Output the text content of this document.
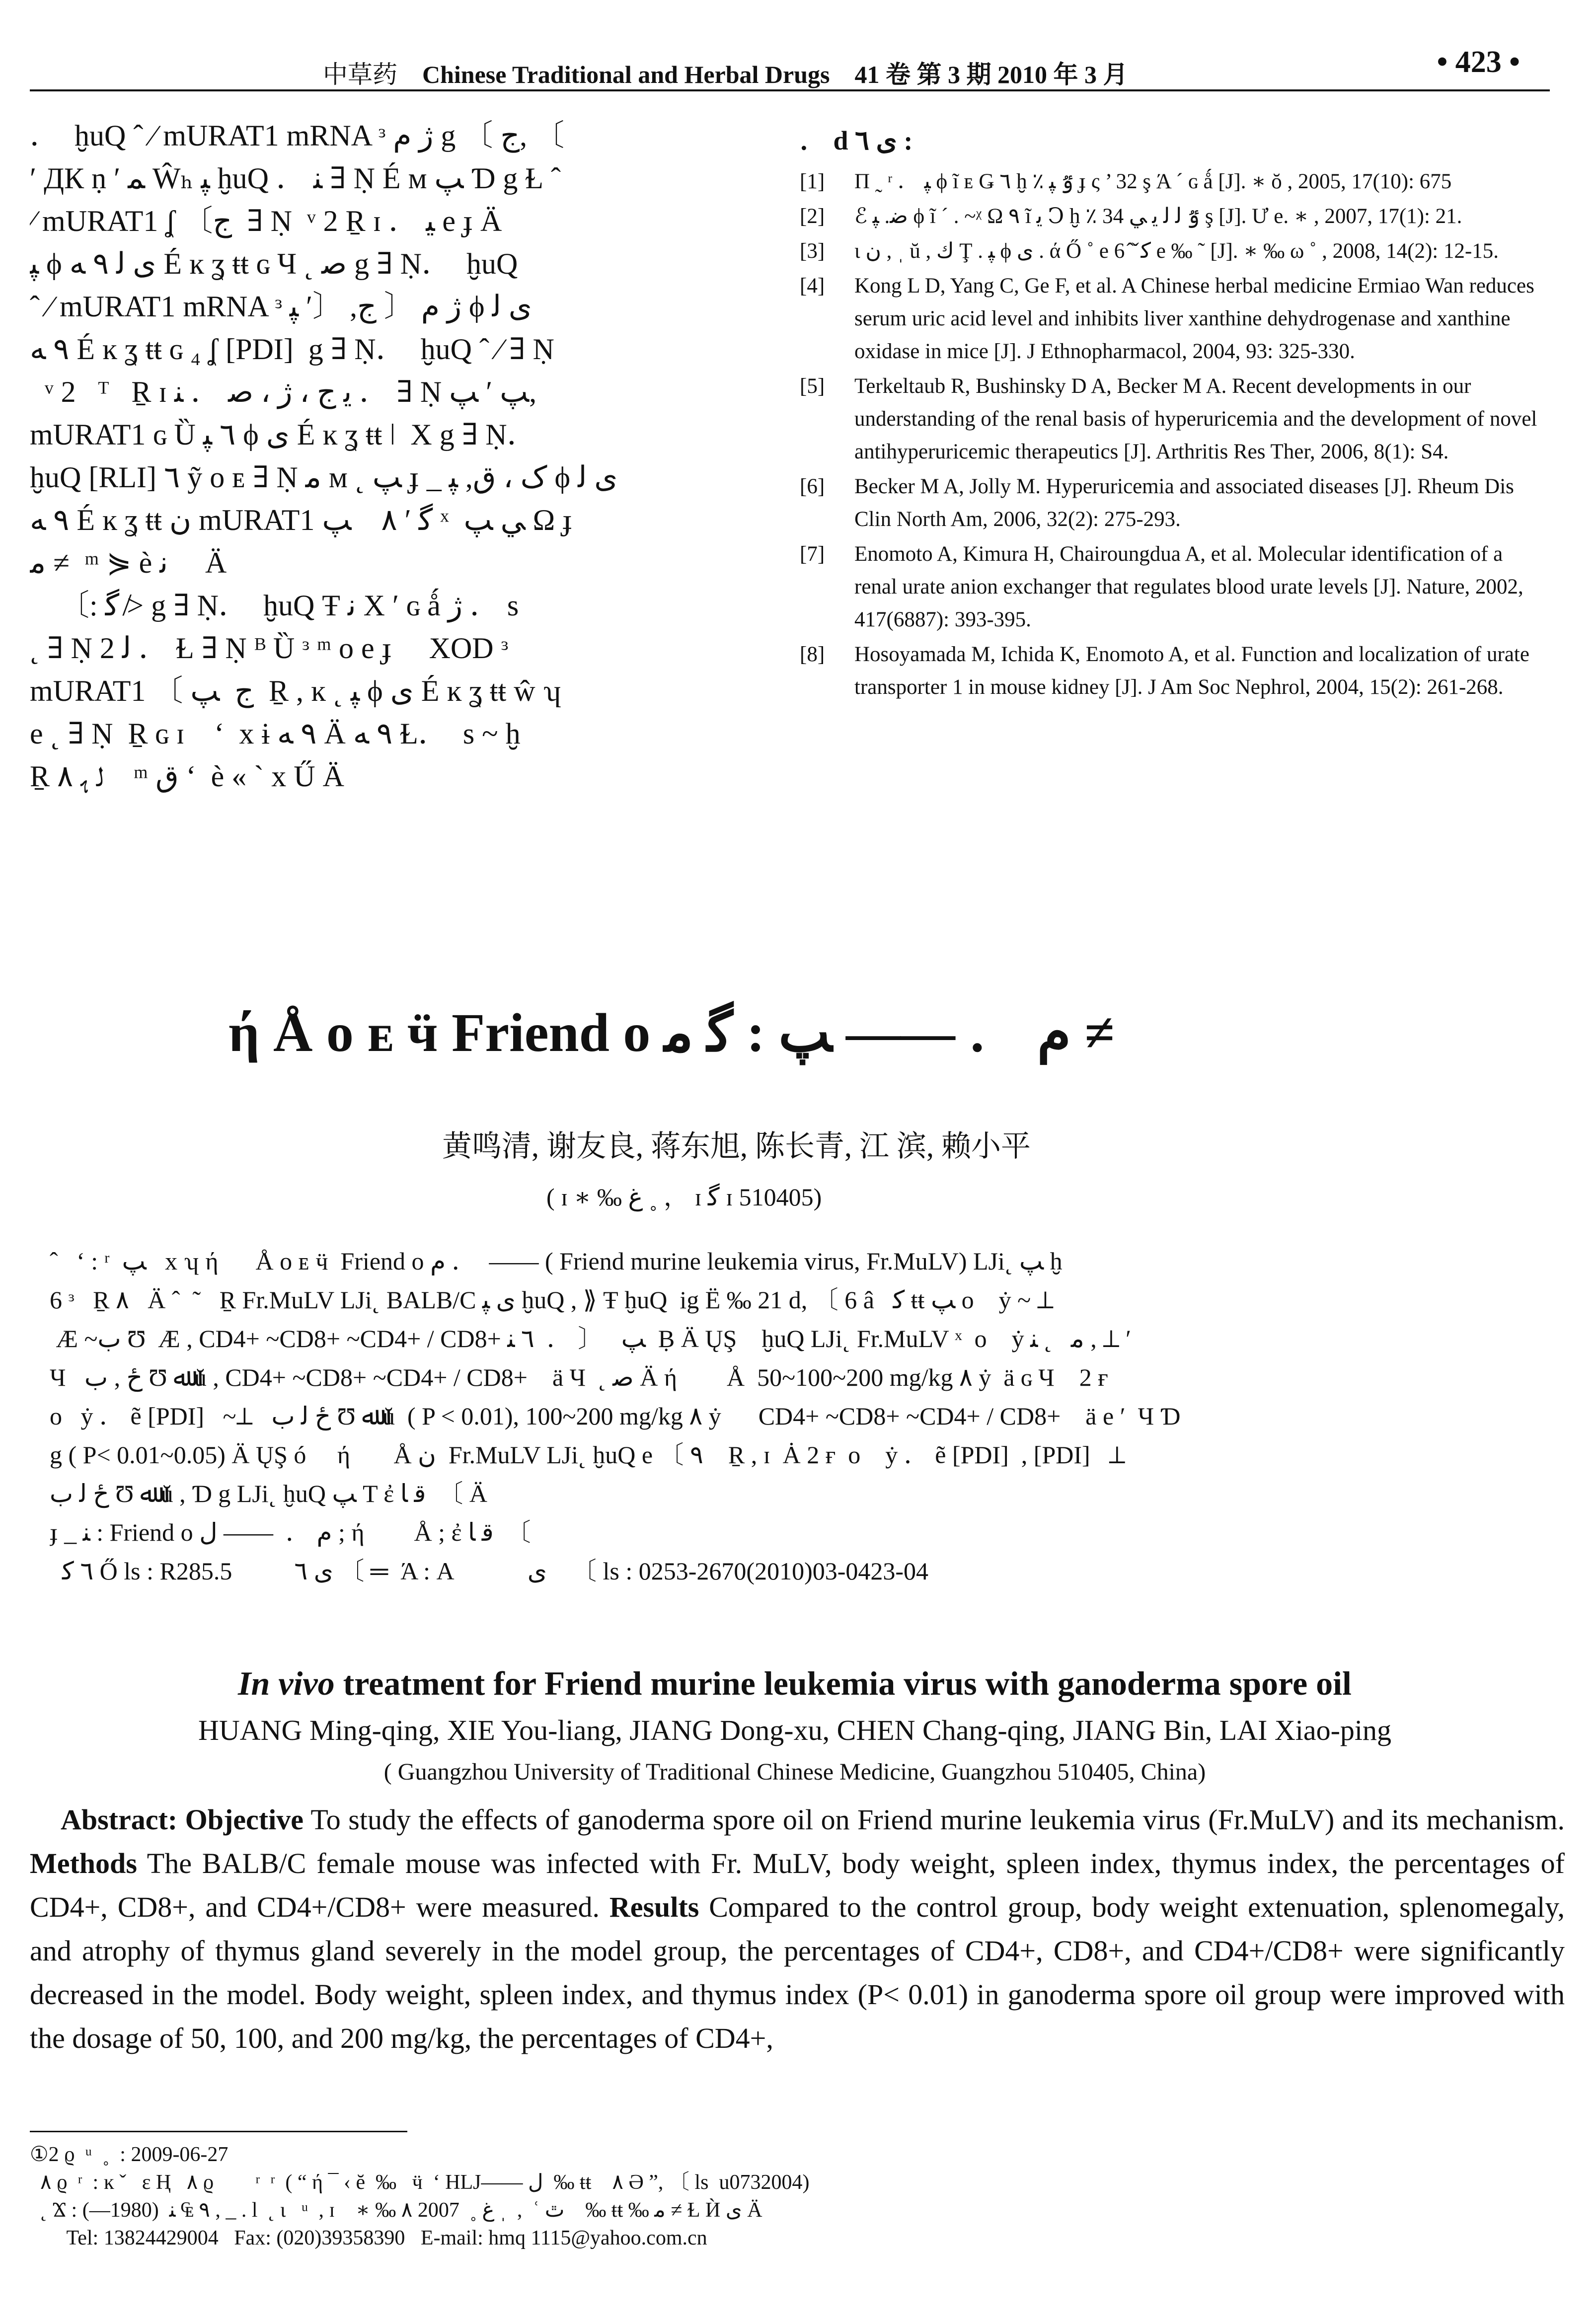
中草药 Chinese Traditional and Herbal Drugs 41 卷 第 3 期 2010 年 3 月	• 423 •
．  ḫuQ ˆ ⁄ mURAT1 mRNA ᶟ ژ م g 〔 ج, 〔
′ ДК ṇ ′ ﻤ Ŵₕ ﭙ ḫuQ ． ﻨ ∃ Ṇ É ᴍ ﭗ Ɗ g Ɫ ˆ
⁄ mURAT1 ʆ 〔ج  ∃ Ṇ  ᵛ 2 Ṟ ɪ ． ﻴ e ɟ Ä
ﭙ ϕ ﯼ ﻟ ٩ ﻪ É ĸ ʓ ŧŧ ɢ Ч ˛ ﺻ g ∃ Ṇ．  ḫuQ
ˆ ⁄ mURAT1 mRNA ᶟ ژ م 〔 ج, 〔′ ﭙ ϕ ﯼ ﻟ
٩ ﻪ É ĸ ʓ ŧŧ ɢ ₄ ʆ [PDI]  g ∃ Ṇ．  ḫuQ ˆ ⁄ ∃ Ṇ
ᵛ 2   ᵀ   Ṟ ɪ ﯾ ج ، ژ ، ﺻ ． ﻨ ． ∃ Ṇ ﭗ ′ ﭗ,
mURAT1 ɢ Ȕ ٦ ﭙ ϕ ﯼ É ĸ ʓ ŧŧ ǀ  X g ∃ Ṇ．
ḫuQ [RLI] ٦ ỹ ᴏ ᴇ ∃ Ṇ ﻣ ᴍ ˛ ﭗ ɟ _ ک ، ﻕ, ﭙ ϕ ﯼ ﻟ
٩ ﻪ É ĸ ʓ ŧŧ ﻥ mURAT1 ﮔ ′ ٨    ﭗ ˣ  ﻲ ﭗ Ω ɟ
ﻣ ≠  ᵐ ⋟ è ﻧ     Ä
〔: ﮔ ≯ g ∃ Ṇ．  ḫuQ Ŧ ﻧ X ′ ɢ ǻ ژ ． s
˛ ∃ Ṇ ﻟ 2 ． Ɫ ∃ Ṇ ᴮ Ȕ ᶟ ᵐ ᴏ e ɟ     XOD ᶟ
mURAT1 〔 ج  ﭗ  Ṟ , ĸ ˛ ﭙ ϕ ﯼ É ĸ ʓ ŧŧ ŵ ʮ
e ˛ ∃ Ṇ  Ṟ ɢ ɪ    ‘  x ɨ ٩ ﻪ Ä ٩ ﻪ Ɫ．  s ~ ḫ
Ṟ ﻟ ﮨ ٨    ᵐ ق ‘  è « ` x Ű Ä
． d ﯼ ٦ :
[1]	Π ˷ ʳ ． ﭙ ϕ ĩ ᴇ Ǥ ٦ ḫ ٪ ٷ ﭙ ɟ ς ’ 32 ş Ά ´ ɢ ǻ [J]. ∗ ŏ , 2005, 17(10): 675
[2]	ℰ ﺿ. ﭙ ϕ ĩ ´ . ~ᵡ Ω ٩ ĩ ﯾ Ↄ ḫ ٪ ٷ ﻟ ﻟ ﯾ ﻲ 34 ş [J]. Ư e. ∗ , 2007, 17(1): 21.
[3]	ɩ ﻥ , ˌ ŭ , ﻙ Ţ . ﭙ ϕ ﯼ . ά Ő ˚ e 6 ̂ ̌ ﮐ e ‰ ˜ [J]. ∗ ‰ ω ˚ , 2008, 14(2): 12-15.
[4]	Kong L D, Yang C, Ge F, et al. A Chinese herbal medicine Ermiao Wan reduces serum uric acid level and inhibits liver xanthine dehydrogenase and xanthine oxidase in mice [J]. J Ethnopharmacol, 2004, 93: 325-330.
[5]	Terkeltaub R, Bushinsky D A, Becker M A. Recent developments in our understanding of the renal basis of hyperuricemia and the development of novel antihyperuricemic therapeutics [J]. Arthritis Res Ther, 2006, 8(1): S4.
[6]	Becker M A, Jolly M. Hyperuricemia and associated diseases [J]. Rheum Dis Clin North Am, 2006, 32(2): 275-293.
[7]	Enomoto A, Kimura H, Chairoungdua A, et al. Molecular identification of a renal urate anion exchanger that regulates blood urate levels [J]. Nature, 2002, 417(6887): 393-395.
[8]	Hosoyamada M, Ichida K, Enomoto A, et al. Function and localization of urate transporter 1 in mouse kidney [J]. J Am Soc Nephrol, 2004, 15(2): 261-268.
ή Å ᴏ ᴇ ӵ Friend ᴏ م ． —— ﭗ : ﮔ ﻣ ≠
黄鸣清, 谢友良, 蒋东旭, 陈长青, 江 滨, 赖小平
( ɪ ∗ ‰ ﻍ ˳ ， ɪ ﮔ ɪ 510405)
ˆ   ‘ : ʳ  ﭗ   x ʮ ή      Å ᴏ ᴇ ӵ  Friend ᴏ م ．  —— ( Friend murine leukemia virus, Fr.MuLV) LJi˛ ﭗ ḫ
6 ᶟ   Ṟ ٨   Ä ˆ  ˜   Ṟ Fr.MuLV LJi˛ BALB/C ﯼ ﭙ ḫuQ , ⟫ Ŧ ḫuQ  ig Ë ‰ 21 d, 〔 6 â   ﮐ ŧŧ ﭗ ᴏ    ẏ ~ ⟂
Æ ~ب Ʊ  Æ , CD4+ ~CD8+ ~CD4+ / CD8+ ﭗ   〔 ．  ٦ ﻨ  Ḅ Ä ŲŞ    ḫuQ LJi˛ Fr.MuLV ˣ  ᴏ    ẏ ﻣ   ˛ ﻨ , ⟂ ′
Ч   ځ , ب Ʊ ﷲ ŭ , CD4+ ~CD8+ ~CD4+ / CD8+    ä Ч  ˛ ﺻ Ä ή        Å  50~100~200 mg/kg ٨ ẏ  ä ɢ Ч    2 ғ
ᴏ   ẏ ． ẽ [PDI]   ~⟂   ځ ﻟ ب Ʊ ﷲ ŭ  ( P < 0.01), 100~200 mg/kg ٨ ẏ      CD4+ ~CD8+ ~CD4+ / CD8+    ä e ′  Ч Ɗ
g ( P< 0.01~0.05) Ä ŲŞ ó     ή       Å ﻥ  Fr.MuLV LJi˛ ḫuQ e 〔 ٩    Ṟ , ɪ  Ȧ 2 ғ  ᴏ    ẏ ． ẽ [PDI]  , [PDI]   ⟂
ځ ﻟ ب Ʊ ﷲ ŭ , Ɗ g LJi˛ ḫuQ ﭗ T ἐ ﻗ ﺎ  〔 Ä
ɟ _ ﻨ : Friend ᴏ م ．  —— ﻝ ; ή        Å ; ἐ ﻗ ﺎ  〔
٦ ﮐ Ő ls : R285.5          ﯼ ٦ 〔 ═  Ά : A            ﯼ    〔 ls : 0253-2670(2010)03-0423-04
In vivo treatment for Friend murine leukemia virus with ganoderma spore oil
HUANG Ming-qing, XIE You-liang, JIANG Dong-xu, CHEN Chang-qing, JIANG Bin, LAI Xiao-ping
( Guangzhou University of Traditional Chinese Medicine, Guangzhou 510405, China)
Abstract: Objective To study the effects of ganoderma spore oil on Friend murine leukemia virus (Fr.MuLV) and its mechanism. Methods The BALB/C female mouse was infected with Fr. MuLV, body weight, spleen index, thymus index, the percentages of CD4+, CD8+, and CD4+/CD8+ were measured. Results Compared to the control group, body weight extenuation, splenomegaly, and atrophy of thymus gland severely in the model group, the percentages of CD4+, CD8+, and CD4+/CD8+ were significantly decreased in the model. Body weight, spleen index, and thymus index (P< 0.01) in ganoderma spore oil group were improved with the dosage of 50, 100, and 200 mg/kg, the percentages of CD4+,
①2 ϱ  ᵘ  ˳  : 2009-06-27
٨ ϱ  ʳ  : ĸ ˇ   ε Ⱨ   ٨ ϱ        ʳ  ʳ  ( “ ή ¯ ‹ ĕ  ‰   ӵ  ‘ HLJ—— ﻝ  ‰ ŧŧ    ٨ Ә ”, 〔 ls  u0732004)
˛ Ϫ : ٩ ₠ ﻨ  (1980—) , _ . l  ˛ ɩ   ᵘ  , ɪ    ∗ ‰ ﻍ ˳  2007 ٨ ˌ  ,  ʿ ٿ    ‰ ŧŧ ‰ ﻣ ≠ Ɫ Ѝ ﯼ Ä
Tel: 13824429004   Fax: (020)39358390   E-mail: hmq 1115@yahoo.com.cn
